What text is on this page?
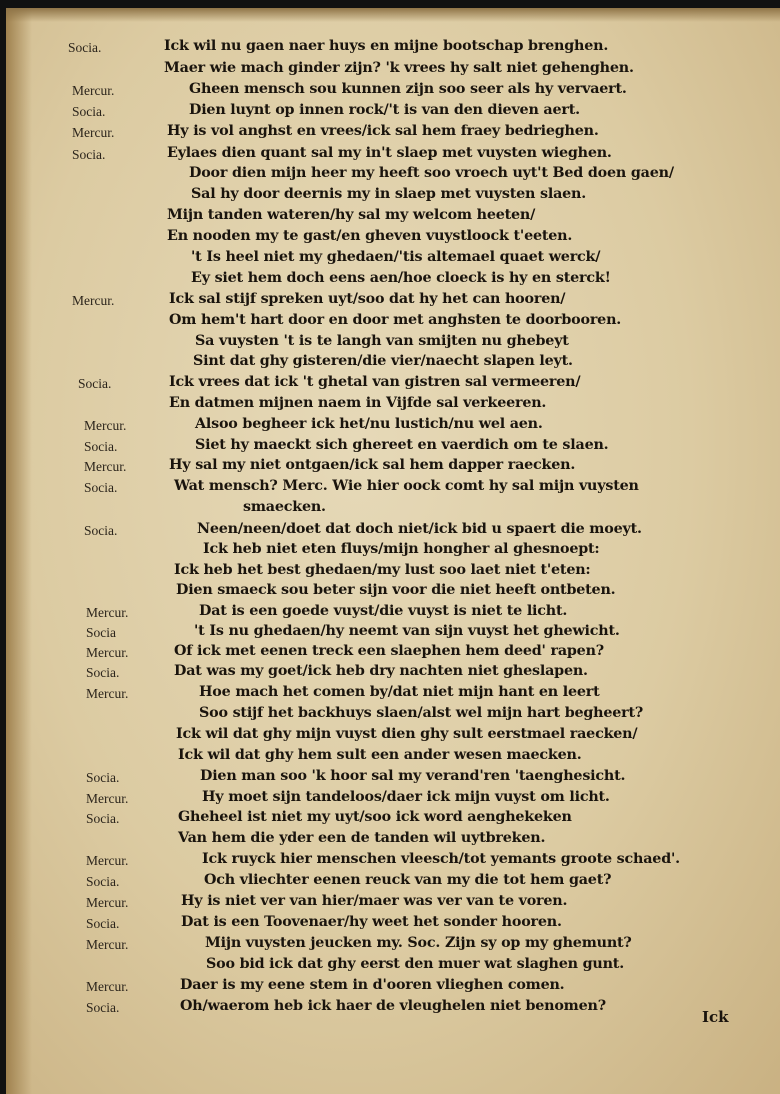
Socia.	Ick wil nu gaen naer huys en mijne bootschap brenghen.
Maer wie mach ginder zijn? 'k vrees hy salt niet gehenghen.
Mercur.	Gheen mensch sou kunnen zijn soo seer als hy vervaert.
Socia.	Dien luynt op innen rock/'t is van den dieven aert.
Mercur.	Hy is vol anghst en vrees/ick sal hem fraey bedrieghen.
Socia.	Eylaes dien quant sal my in't slaep met vuysten wieghen.
Door dien mijn heer my heeft soo vroech uyt't Bed doen gaen/
Sal hy door deernis my in slaep met vuysten slaen.
Mijn tanden wateren/hy sal my welcom heeten/
En nooden my te gast/en gheven vuystloock t'eeten.
't Is heel niet my ghedaen/'tis altemael quaet werck/
Ey siet hem doch eens aen/hoe cloeck is hy en sterck!
Mercur.	Ick sal stijf spreken uyt/soo dat hy het can hooren/
Om hem't hart door en door met anghsten te doorbooren.
Sa vuysten 't is te langh van smijten nu ghebeyt
Sint dat ghy gisteren/die vier/naecht slapen leyt.
Socia.	Ick vrees dat ick 't ghetal van gistren sal vermeeren/
En datmen mijnen naem in Vijfde sal verkeeren.
Mercur.	Alsoo begheer ick het/nu lustich/nu wel aen.
Socia.	Siet hy maeckt sich ghereet en vaerdich om te slaen.
Mercur.	Hy sal my niet ontgaen/ick sal hem dapper raecken.
Socia.	Wat mensch? Merc. Wie hier oock comt hy sal mijn vuysten
smaecken.
Socia.	Neen/neen/doet dat doch niet/ick bid u spaert die moeyt.
Ick heb niet eten fluys/mijn hongher al ghesnoept:
Ick heb het best ghedaen/my lust soo laet niet t'eten:
Dien smaeck sou beter sijn voor die niet heeft ontbeten.
Mercur.	Dat is een goede vuyst/die vuyst is niet te licht.
Socia	't Is nu ghedaen/hy neemt van sijn vuyst het ghewicht.
Mercur.	Of ick met eenen treck een slaephen hem deed' rapen?
Socia.	Dat was my goet/ick heb dry nachten niet gheslapen.
Mercur.	Hoe mach het comen by/dat niet mijn hant en leert
Soo stijf het backhuys slaen/alst wel mijn hart begheert?
Ick wil dat ghy mijn vuyst dien ghy sult eerstmael raecken/
Ick wil dat ghy hem sult een ander wesen maecken.
Socia.	Dien man soo 'k hoor sal my verand'ren 'taenghesicht.
Mercur.	Hy moet sijn tandeloos/daer ick mijn vuyst om licht.
Socia.	Gheheel ist niet my uyt/soo ick word aenghekeken
Van hem die yder een de tanden wil uytbreken.
Mercur.	Ick ruyck hier menschen vleesch/tot yemants groote schaed'.
Socia.	Och vliechter eenen reuck van my die tot hem gaet?
Mercur.	Hy is niet ver van hier/maer was ver van te voren.
Socia.	Dat is een Toovenaer/hy weet het sonder hooren.
Mercur.	Mijn vuysten jeucken my. Soc. Zijn sy op my ghemunt?
Soo bid ick dat ghy eerst den muer wat slaghen gunt.
Mercur.	Daer is my eene stem in d'ooren vlieghen comen.
Socia.	Oh/waerom heb ick haer de vleughelen niet benomen?
Ick
